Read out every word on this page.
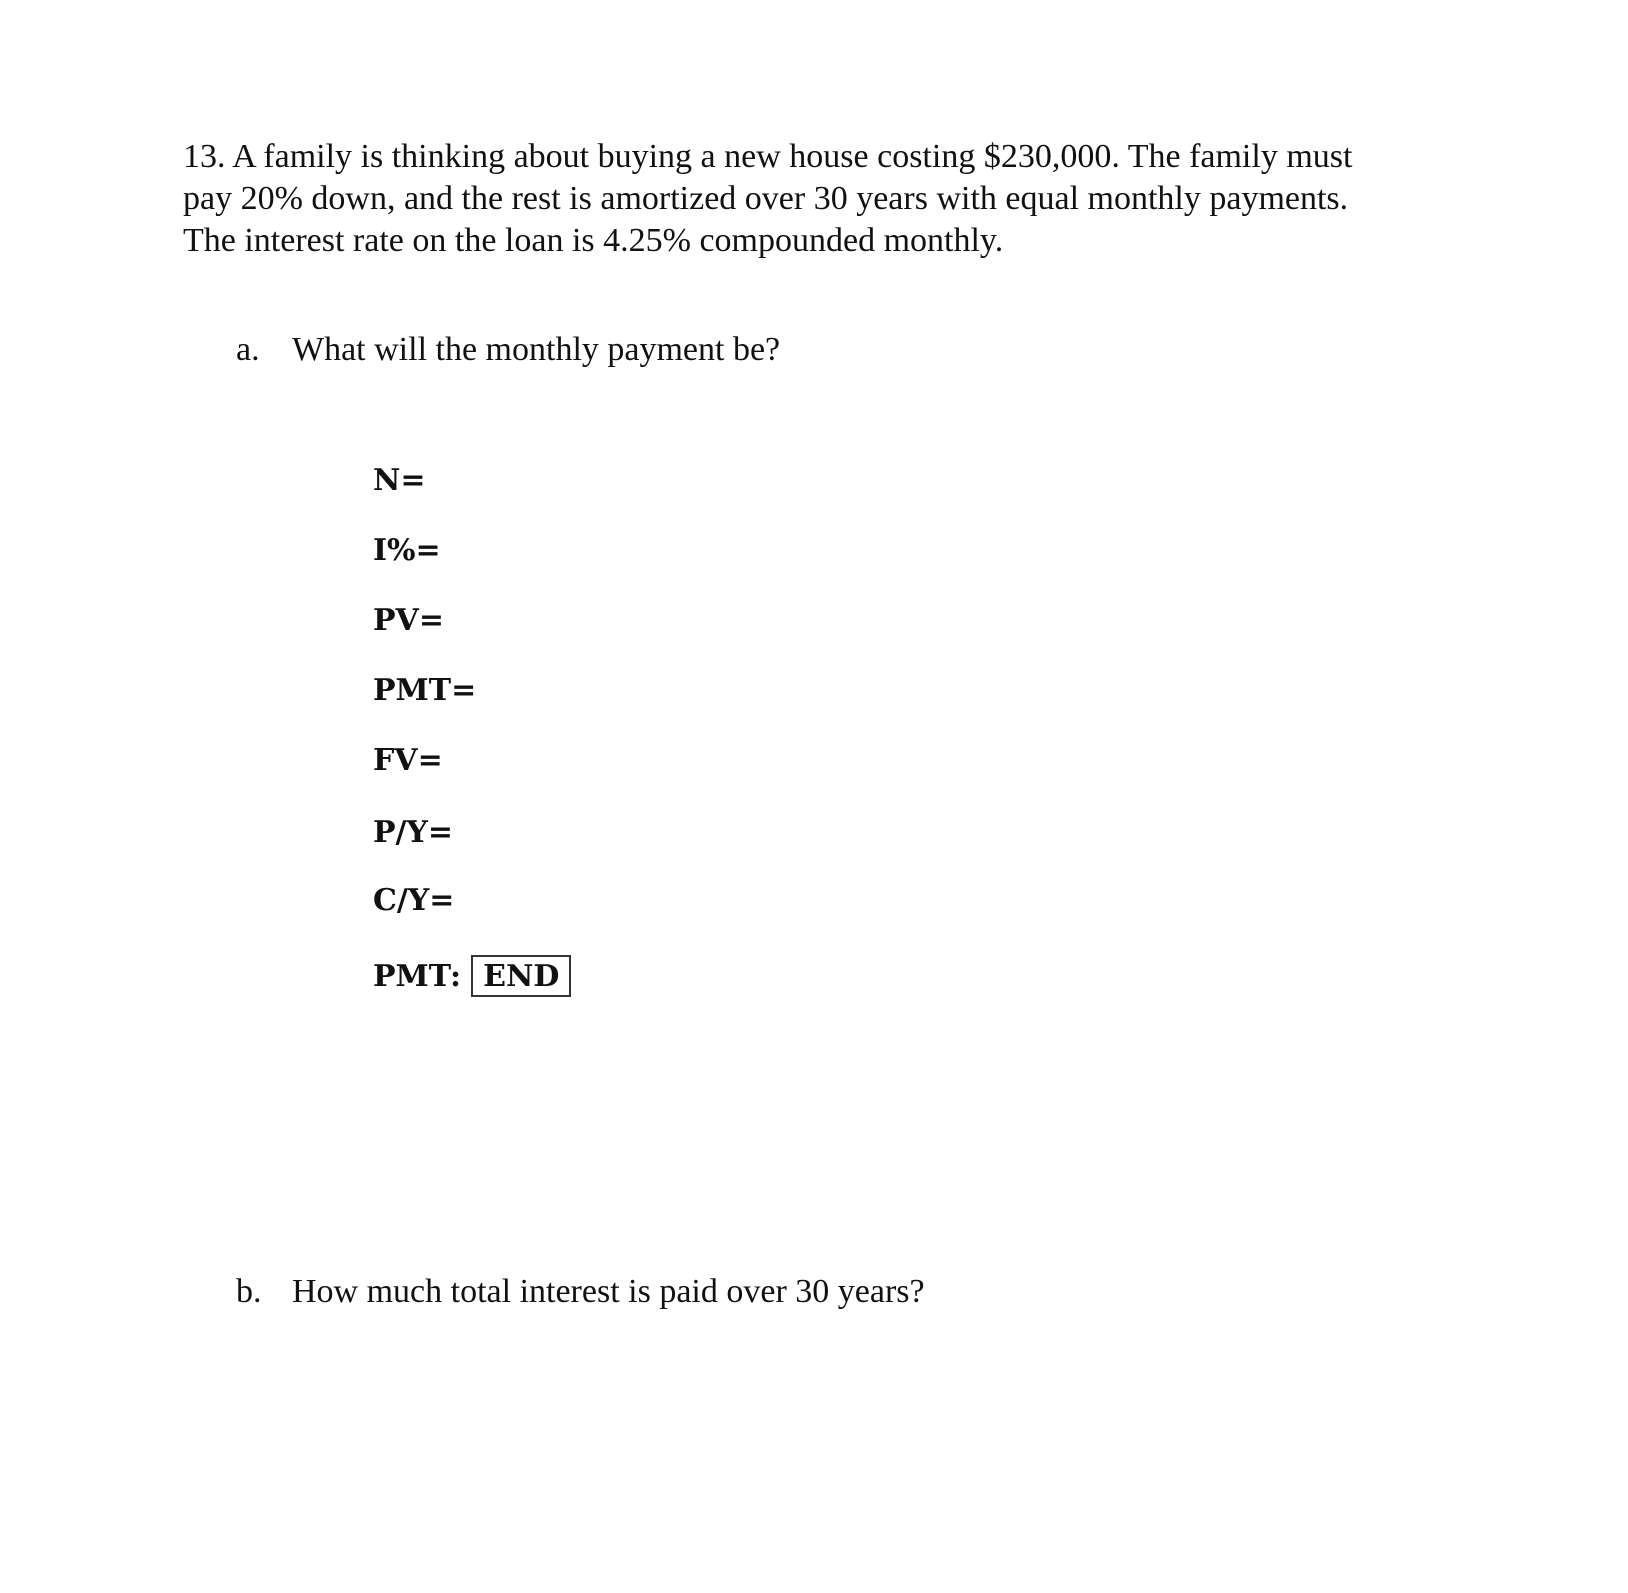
13. A family is thinking about buying a new house costing $230,000. The family must
pay 20% down, and the rest is amortized over 30 years with equal monthly payments.
The interest rate on the loan is 4.25% compounded monthly.

a. What will the monthly payment be?
N=
I%=
PV=
PMT=
FV=
P/Y=
C/Y=
PMT: END
b. How much total interest is paid over 30 years?
